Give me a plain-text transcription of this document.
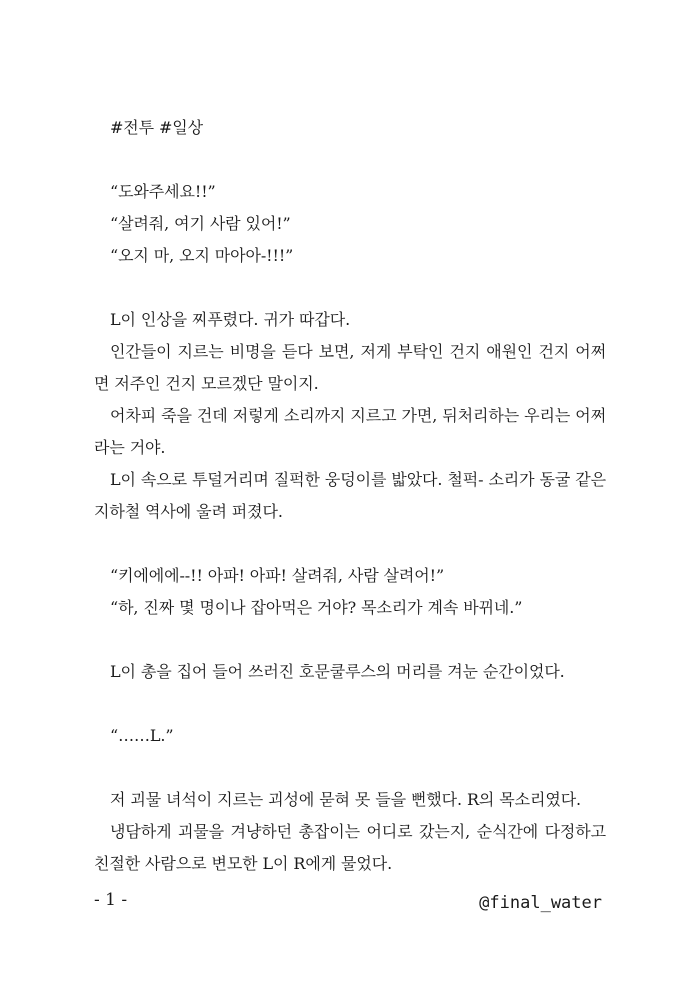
#전투 #일상

“도와주세요!!”

“살려줘, 여기 사람 있어!”

“오지 마, 오지 마아아-!!!”

L이 인상을 찌푸렸다. 귀가 따갑다.

인간들이 지르는 비명을 듣다 보면, 저게 부탁인 건지 애원인 건지 어쩌면 저주인 건지 모르겠단 말이지.

어차피 죽을 건데 저렇게 소리까지 지르고 가면, 뒤처리하는 우리는 어쩌라는 거야.

L이 속으로 투덜거리며 질퍽한 웅덩이를 밟았다. 철퍽- 소리가 동굴 같은 지하철 역사에 울려 퍼졌다.

“키에에에--!! 아파! 아파! 살려줘, 사람 살려어!”

“하, 진짜 몇 명이나 잡아먹은 거야? 목소리가 계속 바뀌네.”

L이 총을 집어 들어 쓰러진 호문쿨루스의 머리를 겨눈 순간이었다.

“……L.”

저 괴물 녀석이 지르는 괴성에 묻혀 못 들을 뻔했다. R의 목소리였다.

냉담하게 괴물을 겨냥하던 총잡이는 어디로 갔는지, 순식간에 다정하고 친절한 사람으로 변모한 L이 R에게 물었다.

- 1 -	@final_water
